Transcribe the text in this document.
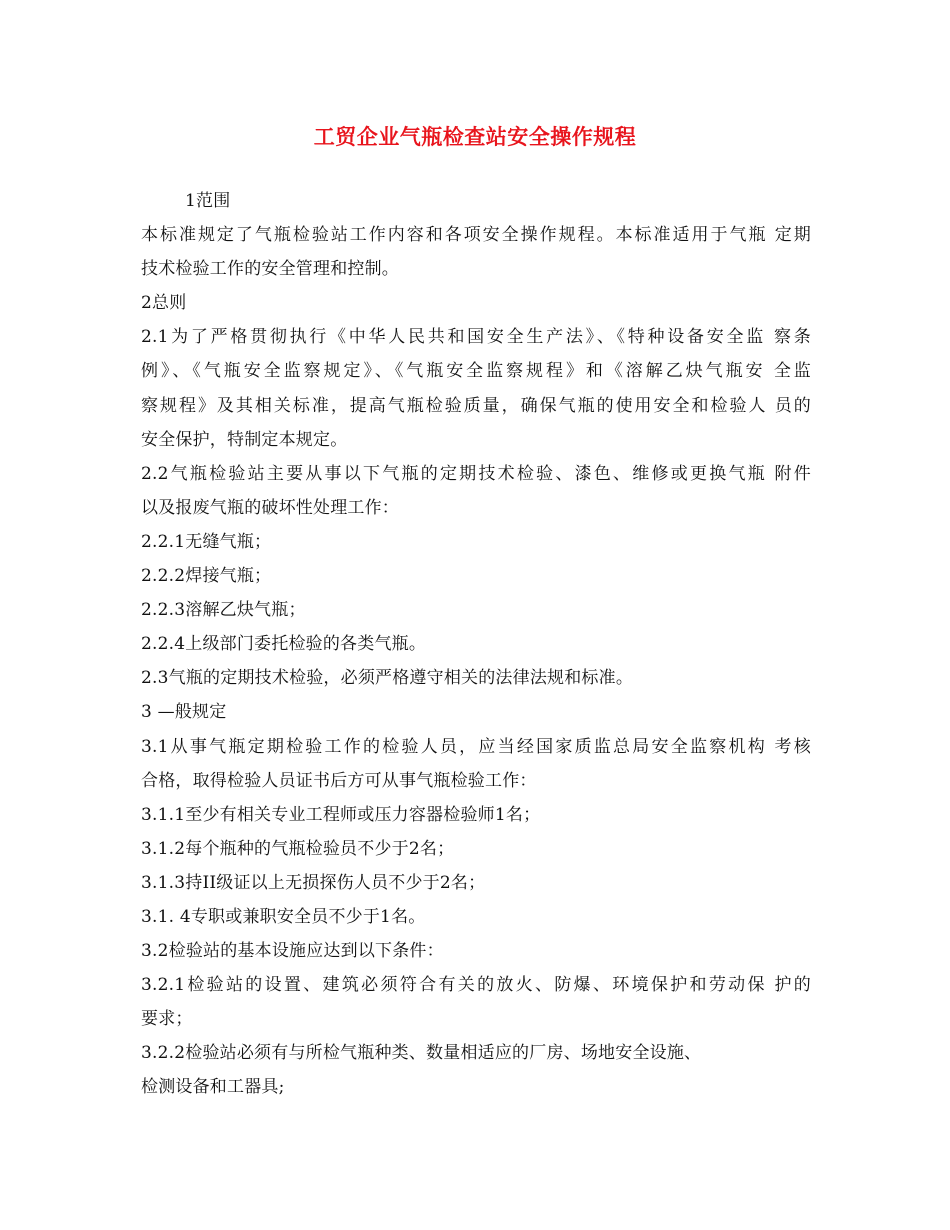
工贸企业气瓶检查站安全操作规程
1范围
本标准规定了气瓶检验站工作内容和各项安全操作规程。本标准适用于气瓶 定期
技术检验工作的安全管理和控制。
2总则
2.1为了严格贯彻执行《中华人民共和国安全生产法》、《特种设备安全监 察条
例》、《气瓶安全监察规定》、《气瓶安全监察规程》和《溶解乙炔气瓶安 全监
察规程》及其相关标准，提高气瓶检验质量，确保气瓶的使用安全和检验人 员的
安全保护，特制定本规定。
2.2气瓶检验站主要从事以下气瓶的定期技术检验、漆色、维修或更换气瓶 附件
以及报废气瓶的破坏性处理工作：
2.2.1无缝气瓶；
2.2.2焊接气瓶；
2.2.3溶解乙炔气瓶；
2.2.4上级部门委托检验的各类气瓶。
2.3气瓶的定期技术检验，必须严格遵守相关的法律法规和标准。
3 —般规定
3.1从事气瓶定期检验工作的检验人员，应当经国家质监总局安全监察机构 考核
合格，取得检验人员证书后方可从事气瓶检验工作：
3.1.1至少有相关专业工程师或压力容器检验师1名；
3.1.2每个瓶种的气瓶检验员不少于2名；
3.1.3持II级证以上无损探伤人员不少于2名；
3.1. 4专职或兼职安全员不少于1名。
3.2检验站的基本设施应达到以下条件：
3.2.1检验站的设置、建筑必须符合有关的放火、防爆、环境保护和劳动保 护的
要求；
3.2.2检验站必须有与所检气瓶种类、数量相适应的厂房、场地安全设施、
检测设备和工器具;
